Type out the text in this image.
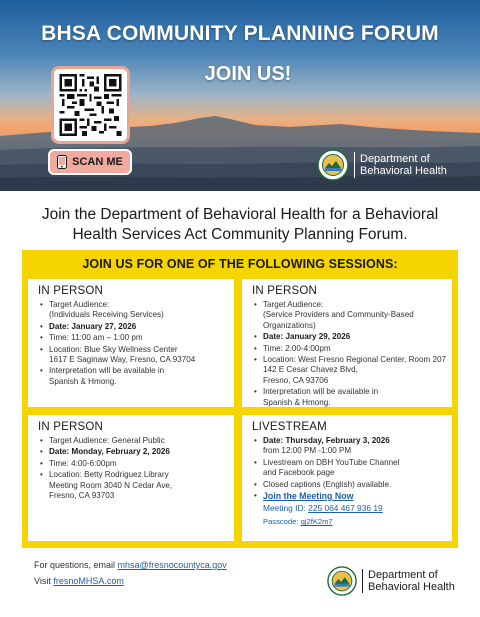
BHSA COMMUNITY PLANNING FORUM
JOIN US!
SCAN ME	Department of
Behavioral Health
Join the Department of Behavioral Health for a Behavioral
Health Services Act Community Planning Forum.
JOIN US FOR ONE OF THE FOLLOWING SESSIONS:
IN PERSON
• Target Audience:
(Individuals Receiving Services)
• Date: January 27, 2026
• Time: 11:00 am – 1:00 pm
• Location: Blue Sky Wellness Center
1617 E Saginaw Way, Fresno, CA 93704
• Interpretation will be available in
Spanish & Hmong.
IN PERSON
• Target Audience:
(Service Providers and Community-Based Organizations)
• Date: January 29, 2026
• Time: 2:00-4:00pm
• Location: West Fresno Regional Center, Room 207
142 E Cesar Chavez Blvd,
Fresno, CA 93706
• Interpretation will be available in
Spanish & Hmong.
IN PERSON
• Target Audience: General Public
• Date: Monday, February 2, 2026
• Time: 4:00-6:00pm
• Location: Betty Rodriguez Library
Meeting Room 3040 N Cedar Ave,
Fresno, CA 93703
LIVESTREAM
• Date: Thursday, February 3, 2026
from 12:00 PM -1:00 PM
• Livestream on DBH YouTube Channel
and Facebook page
• Closed captions (English) available.
• Join the Meeting Now
Meeting ID: 225 064 467 936 19
Passcode: qj2fK2m7
For questions, email mhsa@fresnocountyca.gov
Visit fresnoMHSA.com	Department of
Behavioral Health
